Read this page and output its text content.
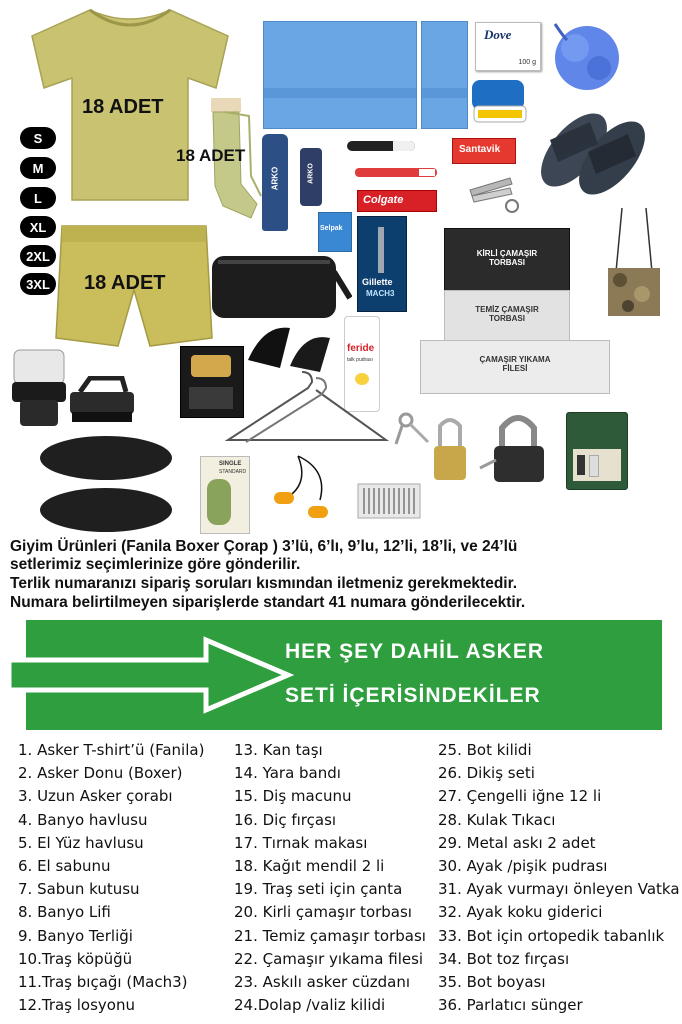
18 ADET
S
M
L
XL
2XL
3XL
18 ADET
18 ADET
Dove
100 g
Santavik
ARKO	ARKO
Colgate
Selpak
Gillette
MACH3
KİRLİ ÇAMAŞIR
TORBASI
TEMİZ ÇAMAŞIR
TORBASI
ÇAMAŞIR YIKAMA
FİLESİ
feride
talk pudrası
SINGLE
STANDARD
Giyim Ürünleri (Fanila Boxer Çorap ) 3’lü, 6’lı, 9’lu, 12’li, 18’li, ve 24’lü
setlerimiz seçimlerinize göre gönderilir.
Terlik numaranızı sipariş soruları kısmından iletmeniz gerekmektedir.
Numara belirtilmeyen siparişlerde standart 41 numara gönderilecektir.
HER ŞEY DAHİL ASKER
SETİ İÇERİSİNDEKİLER
1. Asker T-shirt’ü (Fanila)
2. Asker Donu (Boxer)
3. Uzun Asker çorabı
4. Banyo havlusu
5. El Yüz havlusu
6. El sabunu
7. Sabun kutusu
8. Banyo Lifi
9. Banyo Terliği
10.Traş köpüğü
11.Traş bıçağı (Mach3)
12.Traş losyonu
13. Kan taşı
14. Yara bandı
15. Diş macunu
16. Diç fırçası
17. Tırnak makası
18. Kağıt mendil 2 li
19. Traş seti için çanta
20. Kirli çamaşır torbası
21. Temiz çamaşır torbası
22. Çamaşır yıkama filesi
23. Askılı asker cüzdanı
24.Dolap /valiz kilidi
25. Bot kilidi
26. Dikiş seti
27. Çengelli iğne 12 li
28. Kulak Tıkacı
29. Metal askı 2 adet
30. Ayak /pişik pudrası
31. Ayak vurmayı önleyen Vatka
32. Ayak koku giderici
33. Bot için ortopedik tabanlık
34. Bot toz fırçası
35. Bot boyası
36. Parlatıcı sünger
